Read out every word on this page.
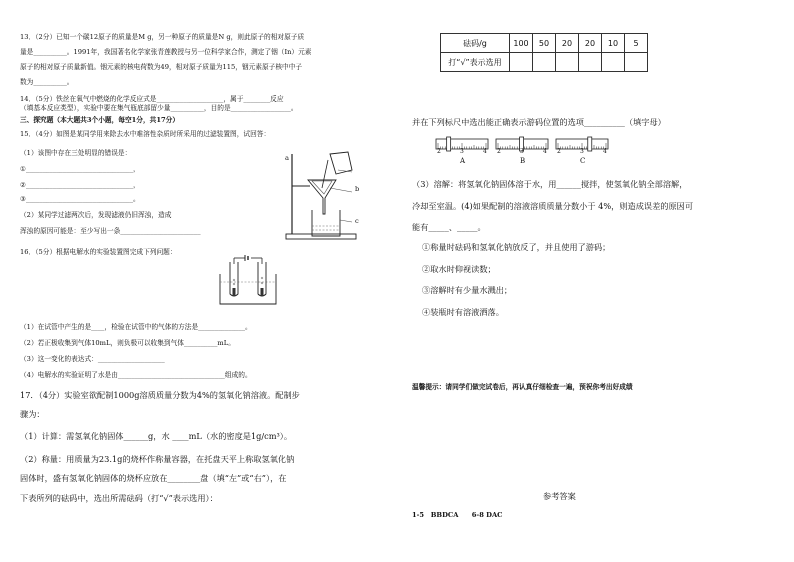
13．（2分）已知一个碳12原子的质量是M g，另一种原子的质量是N g，则此原子的相对原子质
量是__________。1991年，我国著名化学家张青莲教授与另一位科学家合作，测定了铟（In）元素
原子的相对原子质量新值。铟元素的核电荷数为49，相对原子质量为115，铟元素原子核中中子
数为__________。
14．（5分）铁丝在氧气中燃烧的化学反应式是____________________，属于________反应
（填基本反应类型），实验中要在集气瓶底部留少量__________，目的是__________________。
三、探究题（本大题共3个小题，每空1分，共17分）
15．（4分）如图是某同学用来除去水中难溶性杂质时所采用的过滤装置图，试回答：
（1）该图中存在三处明显的错误是：
①________________________________，
②________________________________，
③________________________________。
（2）某同学过滤两次后，发现滤液仍旧浑浊，造成
浑浊的原因可能是：至少写出一条________________________
a
b
c
16．（5分）根据电解水的实验装置图完成下列问题：
（1）在试管中产生的是____，检验在试管中的气体的方法是______________。
（2）若正极收集到气体10mL，则负极可以收集到气体__________mL。
（3）这一变化的表达式：____________________
（4）电解水的实验证明了水是由________________________________组成的。
17．（4分）实验室欲配制1000g溶质质量分数为4%的氢氧化钠溶液。配制步
骤为：
（1）计算：需氢氧化钠固体______g，水 ____mL（水的密度是1g/cm³）。
（2）称量：用质量为23.1g的烧杯作称量容器，在托盘天平上称取氢氧化钠
固体时，盛有氢氧化钠固体的烧杯应放在________盘（填“左”或“右”），在
下表所列的砝码中，选出所需砝码（打“√”表示选用）：
砝码/g	100	50	20	20	10	5
打“√”表示选用						
并在下列标尺中选出能正确表示游码位置的选项__________（填字母）
2	3	4
A
2	3	4
B
2	3	4
C
（3）溶解：将氢氧化钠固体溶于水，用______搅拌，使氢氧化钠全部溶解，
冷却至室温。(4)如果配制的溶液溶质质量分数小于 4%，则造成误差的原因可
能有_____、_____。
①称量时砝码和氢氧化钠放反了，并且使用了游码；
②取水时仰视读数；
③溶解时有少量水溅出；
④装瓶时有溶液洒落。
温馨提示：请同学们做完试卷后，再认真仔细检查一遍，预祝你考出好成绩
参考答案
1-5　BBDCA　　6-8 DAC
